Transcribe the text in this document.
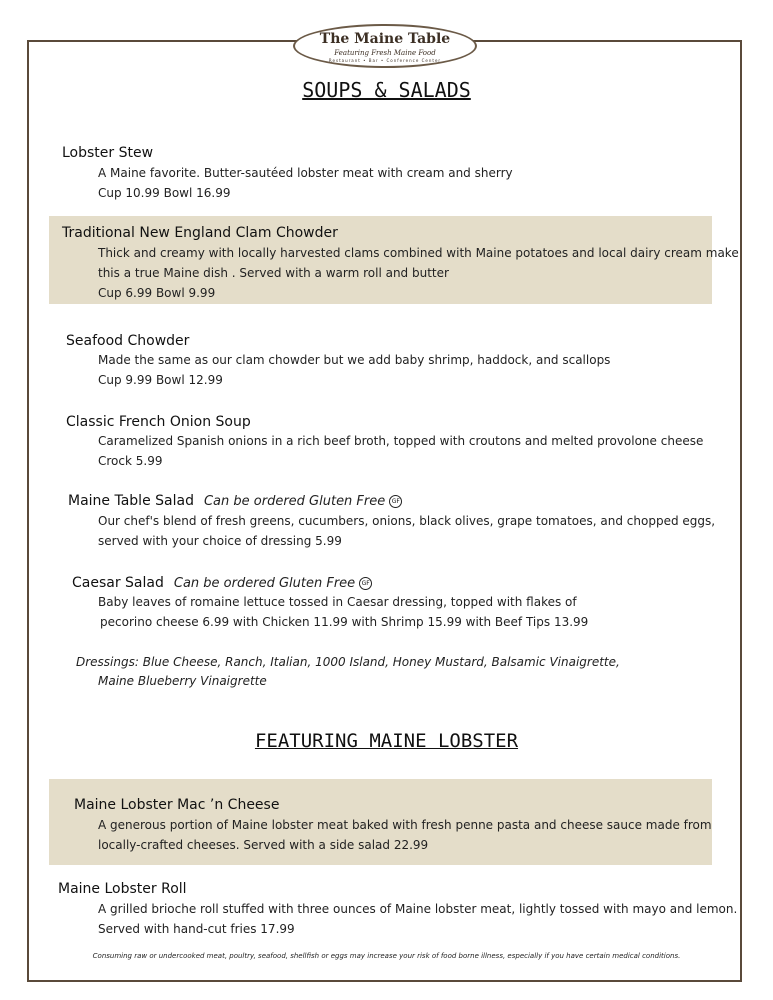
The Maine Table
Featuring Fresh Maine Food
Restaurant • Bar • Conference Center
SOUPS & SALADS
Lobster Stew
A Maine favorite. Butter-sautéed lobster meat with cream and sherry
Cup 10.99 Bowl 16.99
Traditional New England Clam Chowder
Thick and creamy with locally harvested clams combined with Maine potatoes and local dairy cream make
this a true Maine dish . Served with a warm roll and butter
Cup 6.99 Bowl 9.99
Seafood Chowder
Made the same as our clam chowder but we add baby shrimp, haddock, and scallops
Cup 9.99 Bowl 12.99
Classic French Onion Soup
Caramelized Spanish onions in a rich beef broth, topped with croutons and melted provolone cheese
Crock 5.99
Maine Table Salad Can be ordered Gluten Free GF
Our chef's blend of fresh greens, cucumbers, onions, black olives, grape tomatoes, and chopped eggs,
served with your choice of dressing 5.99
Caesar Salad Can be ordered Gluten Free GF
Baby leaves of romaine lettuce tossed in Caesar dressing, topped with flakes of
pecorino cheese 6.99 with Chicken 11.99 with Shrimp 15.99 with Beef Tips 13.99
Dressings: Blue Cheese, Ranch, Italian, 1000 Island, Honey Mustard, Balsamic Vinaigrette,
Maine Blueberry Vinaigrette
FEATURING MAINE LOBSTER
Maine Lobster Mac ’n Cheese
A generous portion of Maine lobster meat baked with fresh penne pasta and cheese sauce made from
locally-crafted cheeses. Served with a side salad 22.99
Maine Lobster Roll
A grilled brioche roll stuffed with three ounces of Maine lobster meat, lightly tossed with mayo and lemon.
Served with hand-cut fries 17.99
Consuming raw or undercooked meat, poultry, seafood, shellfish or eggs may increase your risk of food borne illness, especially if you have certain medical conditions.
